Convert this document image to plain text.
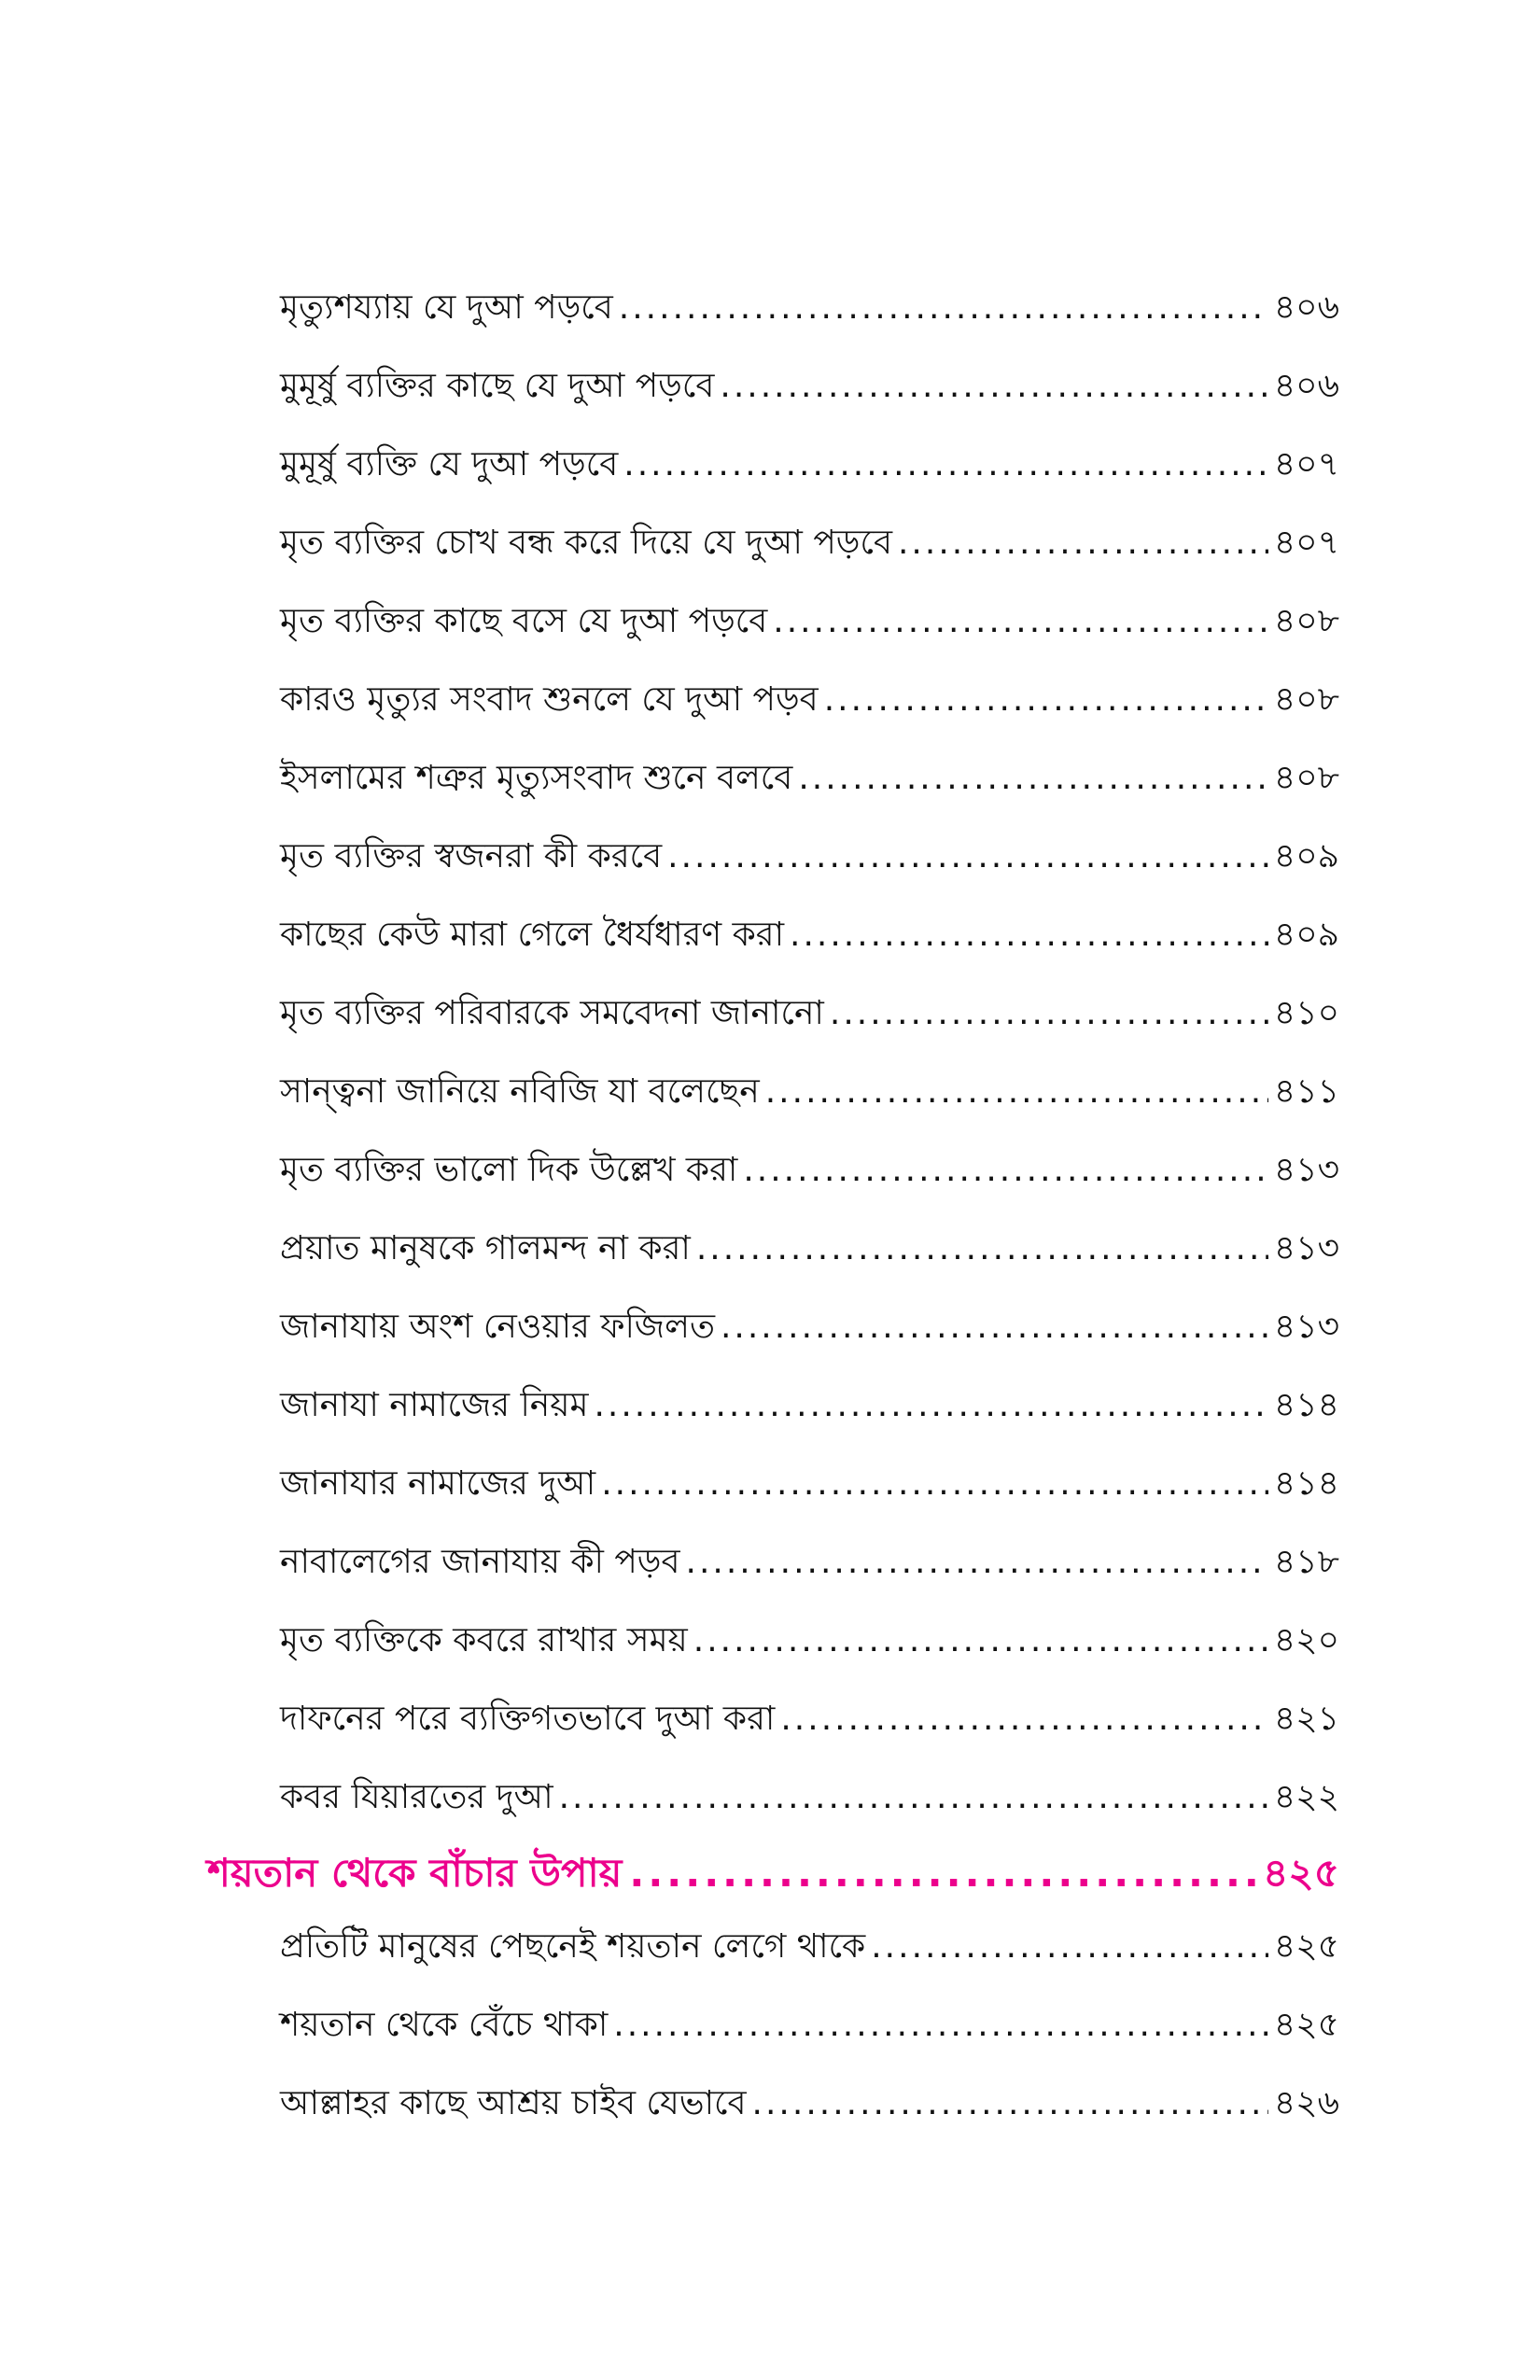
মৃত্যুশয্যায় যে দুআ পড়বে .....	৪০৬
মুমূর্ষু ব্যক্তির কাছে যে দুআ পড়বে .....	৪০৬
মুমূর্ষু ব্যক্তি যে দুআ পড়বে .....	৪০৭
মৃত ব্যক্তির চোখ বন্ধ করে দিয়ে যে দুআ পড়বে .....	৪০৭
মৃত ব্যক্তির কাছে বসে যে দুআ পড়বে .....	৪০৮
কারও মৃত্যুর সংবাদ শুনলে যে দুআ পড়ব .....	৪০৮
ইসলামের শত্রুর মৃত্যুসংবাদ শুনে বলবে .....	৪০৮
মৃত ব্যক্তির স্বজনরা কী করবে .....	৪০৯
কাছের কেউ মারা গেলে ধৈর্যধারণ করা .....	৪০৯
মৃত ব্যক্তির পরিবারকে সমবেদনা জানানো .....	৪১০
সান্ত্বনা জানিয়ে নবিজি যা বলেছেন .....	৪১১
মৃত ব্যক্তির ভালো দিক উল্লেখ করা .....	৪১৩
প্রয়াত মানুষকে গালমন্দ না করা .....	৪১৩
জানাযায় অংশ নেওয়ার ফজিলত .....	৪১৩
জানাযা নামাজের নিয়ম .....	৪১৪
জানাযার নামাজের দুআ .....	৪১৪
নাবালেগের জানাযায় কী পড়ব .....	৪১৮
মৃত ব্যক্তিকে কবরে রাখার সময় .....	৪২০
দাফনের পরে ব্যক্তিগতভাবে দুআ করা .....	৪২১
কবর যিয়ারতের দুআ .....	৪২২
শয়তান থেকে বাঁচার উপায় .....	৪২৫
প্রতিটি মানুষের পেছনেই শয়তান লেগে থাকে .....	৪২৫
শয়তান থেকে বেঁচে থাকা .....	৪২৫
আল্লাহর কাছে আশ্রয় চাইব যেভাবে .....	৪২৬
